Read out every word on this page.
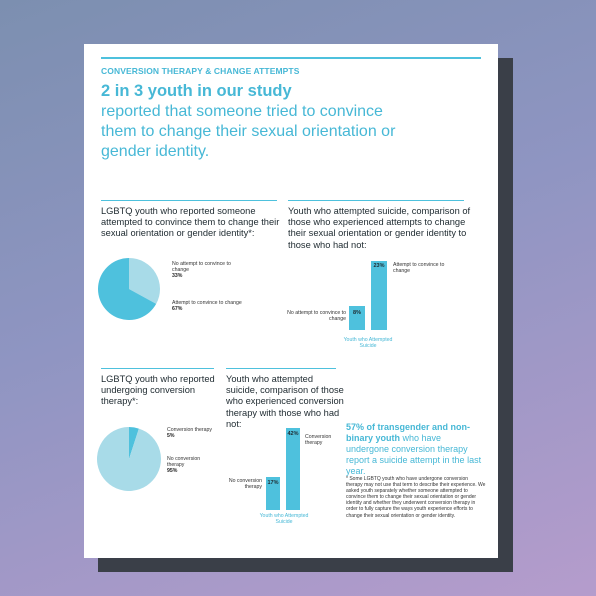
CONVERSION THERAPY & CHANGE ATTEMPTS
2 in 3 youth in our study
reported that someone tried to convince them to change their sexual orientation or gender identity.
LGBTQ youth who reported someone attempted to convince them to change their sexual orientation or gender identity*:
No attempt to convince to change
33%
Attempt to convince to change
67%
Youth who attempted suicide, comparison of those who experienced attempts to change their sexual orientation or gender identity to those who had not:
No attempt to convince to change
8%
23%	Attempt to convince to change
Youth who Attempted Suicide
LGBTQ youth who reported undergoing conversion therapy*:
Conversion therapy
5%
No conversion therapy
95%
Youth who attempted suicide, comparison of those who experienced conversion therapy with those who had not:
No conversion therapy
17%
42% Conversion therapy
Youth who Attempted Suicide
57% of transgender and non-binary youth who have undergone conversion therapy report a suicide attempt in the last year.
* Some LGBTQ youth who have undergone conversion therapy may not use that term to describe their experience. We asked youth separately whether someone attempted to convince them to change their sexual orientation or gender identity and whether they underwent conversion therapy in order to fully capture the ways youth experience efforts to change their sexual orientation or gender identity.
